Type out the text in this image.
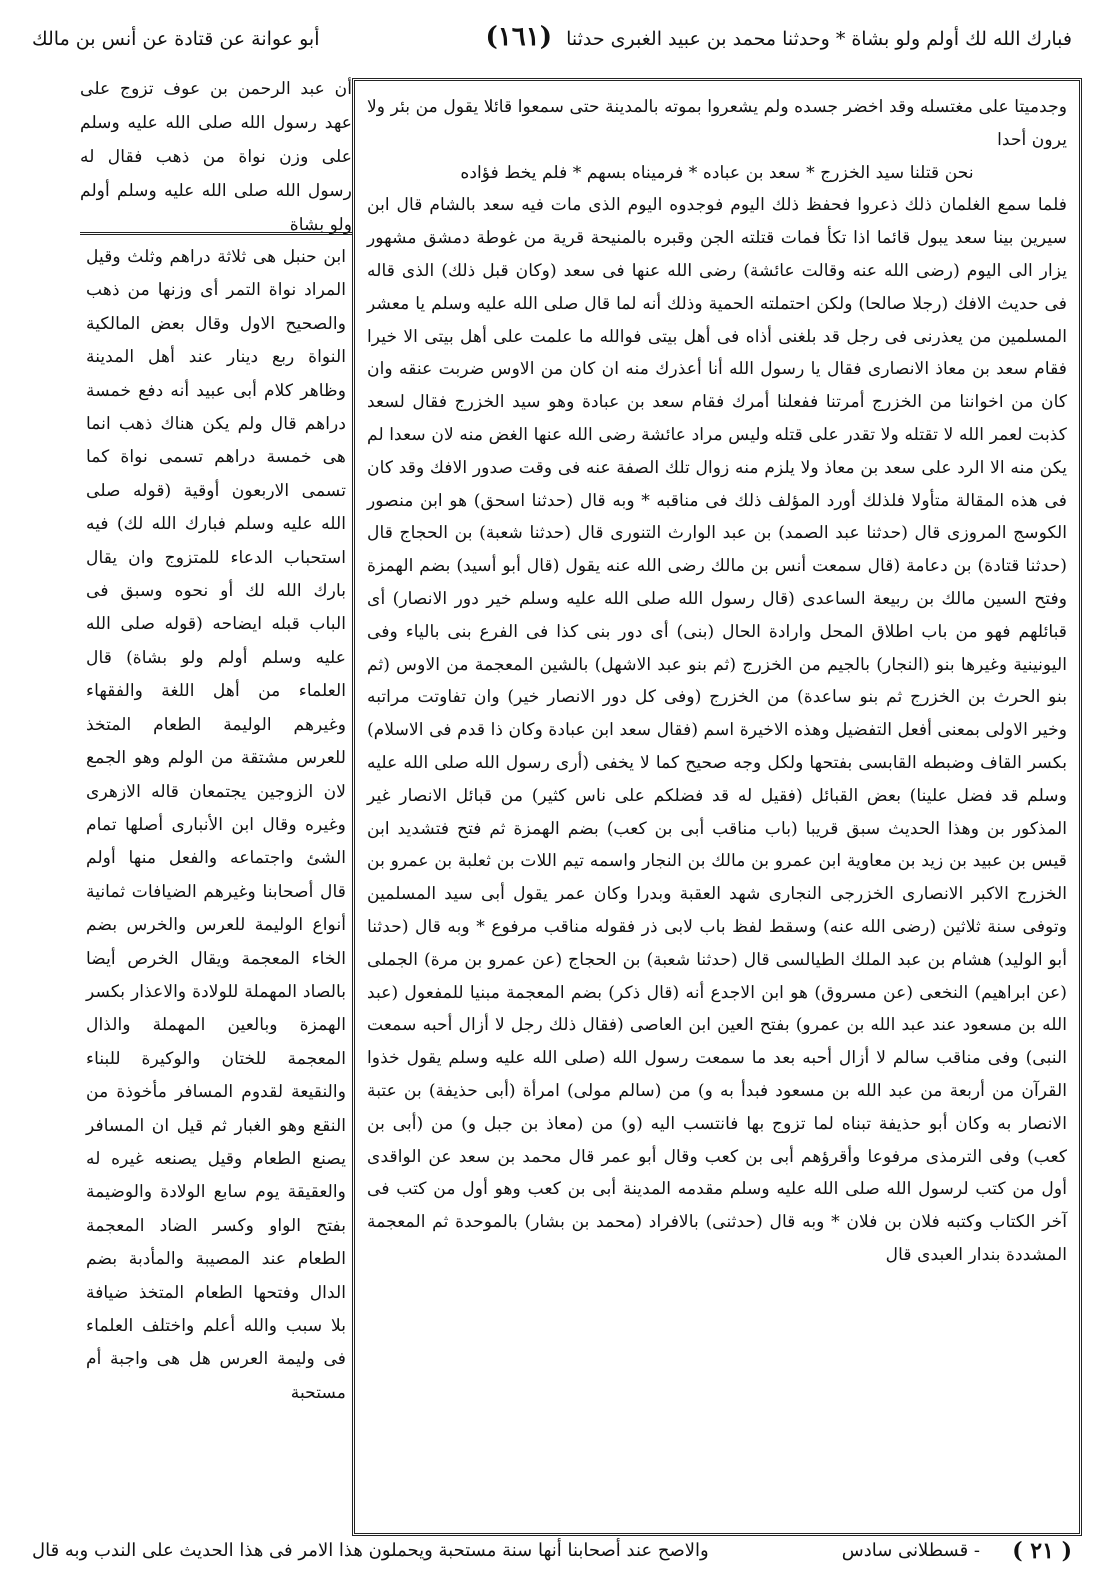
فبارك الله لك أولم ولو بشاة * وحدثنا محمد بن عبيد الغبرى حدثنا
(١٦١)
أبو عوانة عن قتادة عن أنس بن مالك
أن عبد الرحمن بن عوف تزوج على عهد رسول الله صلى الله عليه وسلم على وزن نواة من ذهب فقال له رسول الله صلى الله عليه وسلم أولم ولو بشاة

وجدميتا على مغتسله وقد اخضر جسده ولم يشعروا بموته بالمدينة حتى سمعوا قائلا يقول من بئر ولا يرون أحدا

نحن قتلنا سيد الخزرج * سعد بن عباده * فرميناه بسهم * فلم يخط فؤاده

فلما سمع الغلمان ذلك ذعروا فحفظ ذلك اليوم فوجدوه اليوم الذى مات فيه سعد بالشام قال ابن سيرين بينا سعد يبول قائما اذا تكأ فمات قتلته الجن وقبره بالمنيحة قرية من غوطة دمشق مشهور يزار الى اليوم (رضى الله عنه وقالت عائشة) رضى الله عنها فى سعد (وكان قبل ذلك) الذى قاله فى حديث الافك (رجلا صالحا) ولكن احتملته الحمية وذلك أنه لما قال صلى الله عليه وسلم يا معشر المسلمين من يعذرنى فى رجل قد بلغنى أذاه فى أهل بيتى فوالله ما علمت على أهل بيتى الا خيرا فقام سعد بن معاذ الانصارى فقال يا رسول الله أنا أعذرك منه ان كان من الاوس ضربت عنقه وان كان من اخواننا من الخزرج أمرتنا ففعلنا أمرك فقام سعد بن عبادة وهو سيد الخزرج فقال لسعد كذبت لعمر الله لا تقتله ولا تقدر على قتله وليس مراد عائشة رضى الله عنها الغض منه لان سعدا لم يكن منه الا الرد على سعد بن معاذ ولا يلزم منه زوال تلك الصفة عنه فى وقت صدور الافك وقد كان فى هذه المقالة متأولا فلذلك أورد المؤلف ذلك فى مناقبه * وبه قال (حدثنا اسحق) هو ابن منصور الكوسج المروزى قال (حدثنا عبد الصمد) بن عبد الوارث التنورى قال (حدثنا شعبة) بن الحجاج قال (حدثنا قتادة) بن دعامة (قال سمعت أنس بن مالك رضى الله عنه يقول (قال أبو أسيد) بضم الهمزة وفتح السين مالك بن ربيعة الساعدى (قال رسول الله صلى الله عليه وسلم خير دور الانصار) أى قبائلهم فهو من باب اطلاق المحل وارادة الحال (بنى) أى دور بنى كذا فى الفرع بنى بالياء وفى اليونينية وغيرها بنو (النجار) بالجيم من الخزرج (ثم بنو عبد الاشهل) بالشين المعجمة من الاوس (ثم بنو الحرث بن الخزرج ثم بنو ساعدة) من الخزرج (وفى كل دور الانصار خير) وان تفاوتت مراتبه وخير الاولى بمعنى أفعل التفضيل وهذه الاخيرة اسم (فقال سعد ابن عبادة وكان ذا قدم فى الاسلام) بكسر القاف وضبطه القابسى بفتحها ولكل وجه صحيح كما لا يخفى (أرى رسول الله صلى الله عليه وسلم قد فضل علينا) بعض القبائل (فقيل له قد فضلكم على ناس كثير) من قبائل الانصار غير المذكور بن وهذا الحديث سبق قريبا (باب مناقب أبى بن كعب) بضم الهمزة ثم فتح فتشديد ابن قيس بن عبيد بن زيد بن معاوية ابن عمرو بن مالك بن النجار واسمه تيم اللات بن ثعلبة بن عمرو بن الخزرج الاكبر الانصارى الخزرجى النجارى شهد العقبة وبدرا وكان عمر يقول أبى سيد المسلمين وتوفى سنة ثلاثين (رضى الله عنه) وسقط لفظ باب لابى ذر فقوله مناقب مرفوع * وبه قال (حدثنا أبو الوليد) هشام بن عبد الملك الطيالسى قال (حدثنا شعبة) بن الحجاج (عن عمرو بن مرة) الجملى (عن ابراهيم) النخعى (عن مسروق) هو ابن الاجدع أنه (قال ذكر) بضم المعجمة مبنيا للمفعول (عبد الله بن مسعود عند عبد الله بن عمرو) بفتح العين ابن العاصى (فقال ذلك رجل لا أزال أحبه سمعت النبى) وفى مناقب سالم لا أزال أحبه بعد ما سمعت رسول الله (صلى الله عليه وسلم يقول خذوا القرآن من أربعة من عبد الله بن مسعود فبدأ به و) من (سالم مولى) امرأة (أبى حذيفة) بن عتبة الانصار به وكان أبو حذيفة تبناه لما تزوج بها فانتسب اليه (و) من (معاذ بن جبل و) من (أبى بن كعب) وفى الترمذى مرفوعا وأقرؤهم أبى بن كعب وقال أبو عمر قال محمد بن سعد عن الواقدى أول من كتب لرسول الله صلى الله عليه وسلم مقدمه المدينة أبى بن كعب وهو أول من كتب فى آخر الكتاب وكتبه فلان بن فلان * وبه قال (حدثنى) بالافراد (محمد بن بشار) بالموحدة ثم المعجمة المشددة بندار العبدى قال

ابن حنبل هى ثلاثة دراهم وثلث وقيل المراد نواة التمر أى وزنها من ذهب والصحيح الاول وقال بعض المالكية النواة ربع دينار عند أهل المدينة وظاهر كلام أبى عبيد أنه دفع خمسة دراهم قال ولم يكن هناك ذهب انما هى خمسة دراهم تسمى نواة كما تسمى الاربعون أوقية (قوله صلى الله عليه وسلم فبارك الله لك) فيه استحباب الدعاء للمتزوج وان يقال بارك الله لك أو نحوه وسبق فى الباب قبله ايضاحه (قوله صلى الله عليه وسلم أولم ولو بشاة) قال العلماء من أهل اللغة والفقهاء وغيرهم الوليمة الطعام المتخذ للعرس مشتقة من الولم وهو الجمع لان الزوجين يجتمعان قاله الازهرى وغيره وقال ابن الأنبارى أصلها تمام الشئ واجتماعه والفعل منها أولم قال أصحابنا وغيرهم الضيافات ثمانية أنواع الوليمة للعرس والخرس بضم الخاء المعجمة ويقال الخرص أيضا بالصاد المهملة للولادة والاعذار بكسر الهمزة وبالعين المهملة والذال المعجمة للختان والوكيرة للبناء والنقيعة لقدوم المسافر مأخوذة من النقع وهو الغبار ثم قيل ان المسافر يصنع الطعام وقيل يصنعه غيره له والعقيقة يوم سابع الولادة والوضيمة بفتح الواو وكسر الضاد المعجمة الطعام عند المصيبة والمأدبة بضم الدال وفتحها الطعام المتخذ ضيافة بلا سبب والله أعلم واختلف العلماء فى وليمة العرس هل هى واجبة أم مستحبة
( ٢١ )
- قسطلانى سادس
والاصح عند أصحابنا أنها سنة مستحبة ويحملون هذا الامر فى هذا الحديث على الندب وبه قال
